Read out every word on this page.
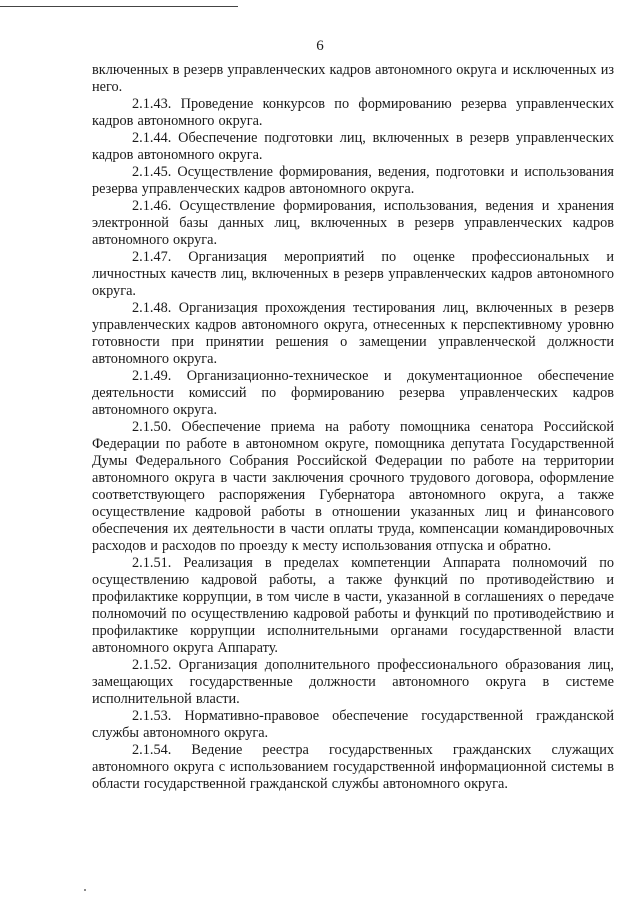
6

включенных в резерв управленческих кадров автономного округа и исключенных из него.

2.1.43. Проведение конкурсов по формированию резерва управленческих кадров автономного округа.

2.1.44. Обеспечение подготовки лиц, включенных в резерв управленческих кадров автономного округа.

2.1.45. Осуществление формирования, ведения, подготовки и использования резерва управленческих кадров автономного округа.

2.1.46. Осуществление формирования, использования, ведения и хранения электронной базы данных лиц, включенных в резерв управленческих кадров автономного округа.

2.1.47. Организация мероприятий по оценке профессиональных и личностных качеств лиц, включенных в резерв управленческих кадров автономного округа.

2.1.48. Организация прохождения тестирования лиц, включенных в резерв управленческих кадров автономного округа, отнесенных к перспективному уровню готовности при принятии решения о замещении управленческой должности автономного округа.

2.1.49. Организационно-техническое и документационное обеспечение деятельности комиссий по формированию резерва управленческих кадров автономного округа.

2.1.50. Обеспечение приема на работу помощника сенатора Российской Федерации по работе в автономном округе, помощника депутата Государственной Думы Федерального Собрания Российской Федерации по работе на территории автономного округа в части заключения срочного трудового договора, оформление соответствующего распоряжения Губернатора автономного округа, а также осуществление кадровой работы в отношении указанных лиц и финансового обеспечения их деятельности в части оплаты труда, компенсации командировочных расходов и расходов по проезду к месту использования отпуска и обратно.

2.1.51. Реализация в пределах компетенции Аппарата полномочий по осуществлению кадровой работы, а также функций по противодействию и профилактике коррупции, в том числе в части, указанной в соглашениях о передаче полномочий по осуществлению кадровой работы и функций по противодействию и профилактике коррупции исполнительными органами государственной власти автономного округа Аппарату.

2.1.52. Организация дополнительного профессионального образования лиц, замещающих государственные должности автономного округа в системе исполнительной власти.

2.1.53. Нормативно-правовое обеспечение государственной гражданской службы автономного округа.

2.1.54. Ведение реестра государственных гражданских служащих автономного округа с использованием государственной информационной системы в области государственной гражданской службы автономного округа.
